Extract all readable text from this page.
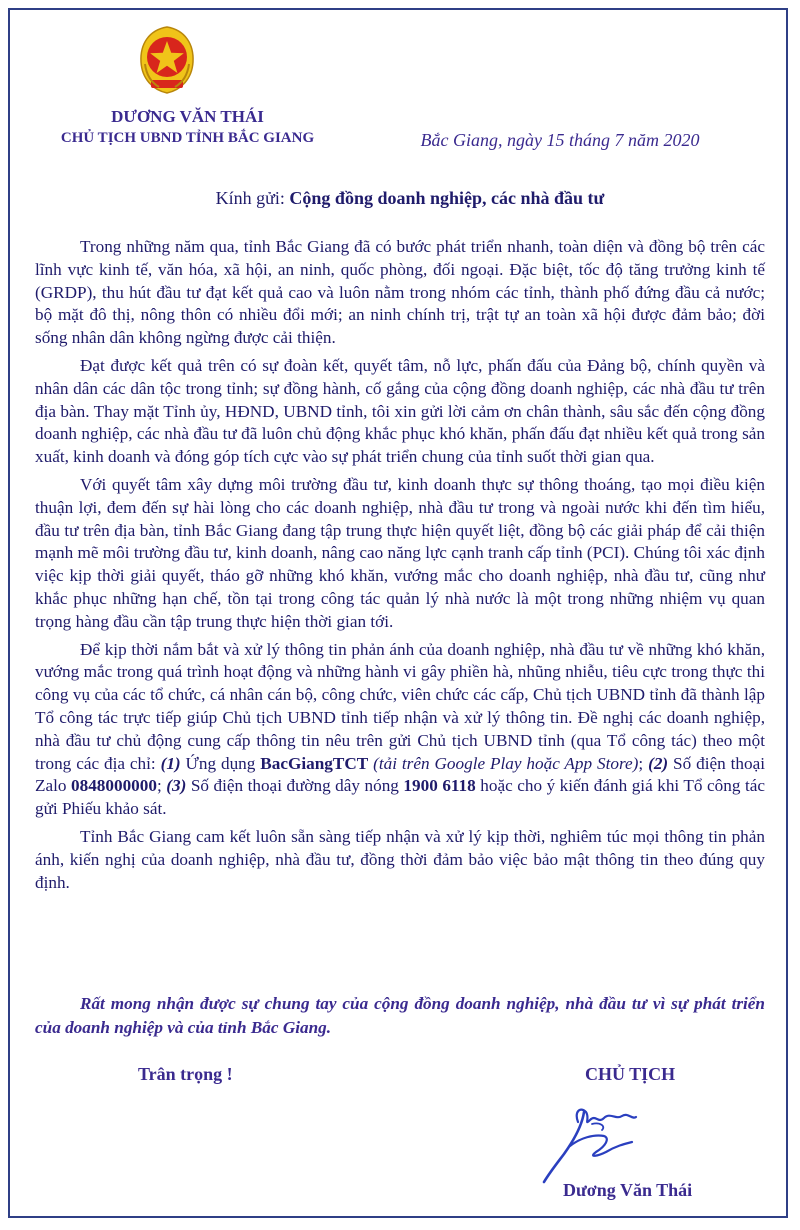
DƯƠNG VĂN THÁI
CHỦ TỊCH UBND TỈNH BẮC GIANG	Bắc Giang, ngày 15 tháng 7 năm 2020
Kính gửi: Cộng đồng doanh nghiệp, các nhà đầu tư

Trong những năm qua, tỉnh Bắc Giang đã có bước phát triển nhanh, toàn diện và đồng bộ trên các lĩnh vực kinh tế, văn hóa, xã hội, an ninh, quốc phòng, đối ngoại. Đặc biệt, tốc độ tăng trưởng kinh tế (GRDP), thu hút đầu tư đạt kết quả cao và luôn nằm trong nhóm các tỉnh, thành phố đứng đầu cả nước; bộ mặt đô thị, nông thôn có nhiều đổi mới; an ninh chính trị, trật tự an toàn xã hội được đảm bảo; đời sống nhân dân không ngừng được cải thiện.

Đạt được kết quả trên có sự đoàn kết, quyết tâm, nỗ lực, phấn đấu của Đảng bộ, chính quyền và nhân dân các dân tộc trong tỉnh; sự đồng hành, cố gắng của cộng đồng doanh nghiệp, các nhà đầu tư trên địa bàn. Thay mặt Tỉnh ủy, HĐND, UBND tỉnh, tôi xin gửi lời cảm ơn chân thành, sâu sắc đến cộng đồng doanh nghiệp, các nhà đầu tư đã luôn chủ động khắc phục khó khăn, phấn đấu đạt nhiều kết quả trong sản xuất, kinh doanh và đóng góp tích cực vào sự phát triển chung của tỉnh suốt thời gian qua.

Với quyết tâm xây dựng môi trường đầu tư, kinh doanh thực sự thông thoáng, tạo mọi điều kiện thuận lợi, đem đến sự hài lòng cho các doanh nghiệp, nhà đầu tư trong và ngoài nước khi đến tìm hiểu, đầu tư trên địa bàn, tỉnh Bắc Giang đang tập trung thực hiện quyết liệt, đồng bộ các giải pháp để cải thiện mạnh mẽ môi trường đầu tư, kinh doanh, nâng cao năng lực cạnh tranh cấp tỉnh (PCI). Chúng tôi xác định việc kịp thời giải quyết, tháo gỡ những khó khăn, vướng mắc cho doanh nghiệp, nhà đầu tư, cũng như khắc phục những hạn chế, tồn tại trong công tác quản lý nhà nước là một trong những nhiệm vụ quan trọng hàng đầu cần tập trung thực hiện thời gian tới.

Để kịp thời nắm bắt và xử lý thông tin phản ánh của doanh nghiệp, nhà đầu tư về những khó khăn, vướng mắc trong quá trình hoạt động và những hành vi gây phiền hà, nhũng nhiễu, tiêu cực trong thực thi công vụ của các tổ chức, cá nhân cán bộ, công chức, viên chức các cấp, Chủ tịch UBND tỉnh đã thành lập Tổ công tác trực tiếp giúp Chủ tịch UBND tỉnh tiếp nhận và xử lý thông tin. Đề nghị các doanh nghiệp, nhà đầu tư chủ động cung cấp thông tin nêu trên gửi Chủ tịch UBND tỉnh (qua Tổ công tác) theo một trong các địa chỉ: (1) Ứng dụng BacGiangTCT (tải trên Google Play hoặc App Store); (2) Số điện thoại Zalo 0848000000; (3) Số điện thoại đường dây nóng 1900 6118 hoặc cho ý kiến đánh giá khi Tổ công tác gửi Phiếu khảo sát.

Tỉnh Bắc Giang cam kết luôn sẵn sàng tiếp nhận và xử lý kịp thời, nghiêm túc mọi thông tin phản ánh, kiến nghị của doanh nghiệp, nhà đầu tư, đồng thời đảm bảo việc bảo mật thông tin theo đúng quy định.

Rất mong nhận được sự chung tay của cộng đồng doanh nghiệp, nhà đầu tư vì sự phát triển của doanh nghiệp và của tỉnh Bắc Giang.
Trân trọng !	CHỦ TỊCH
Dương Văn Thái
